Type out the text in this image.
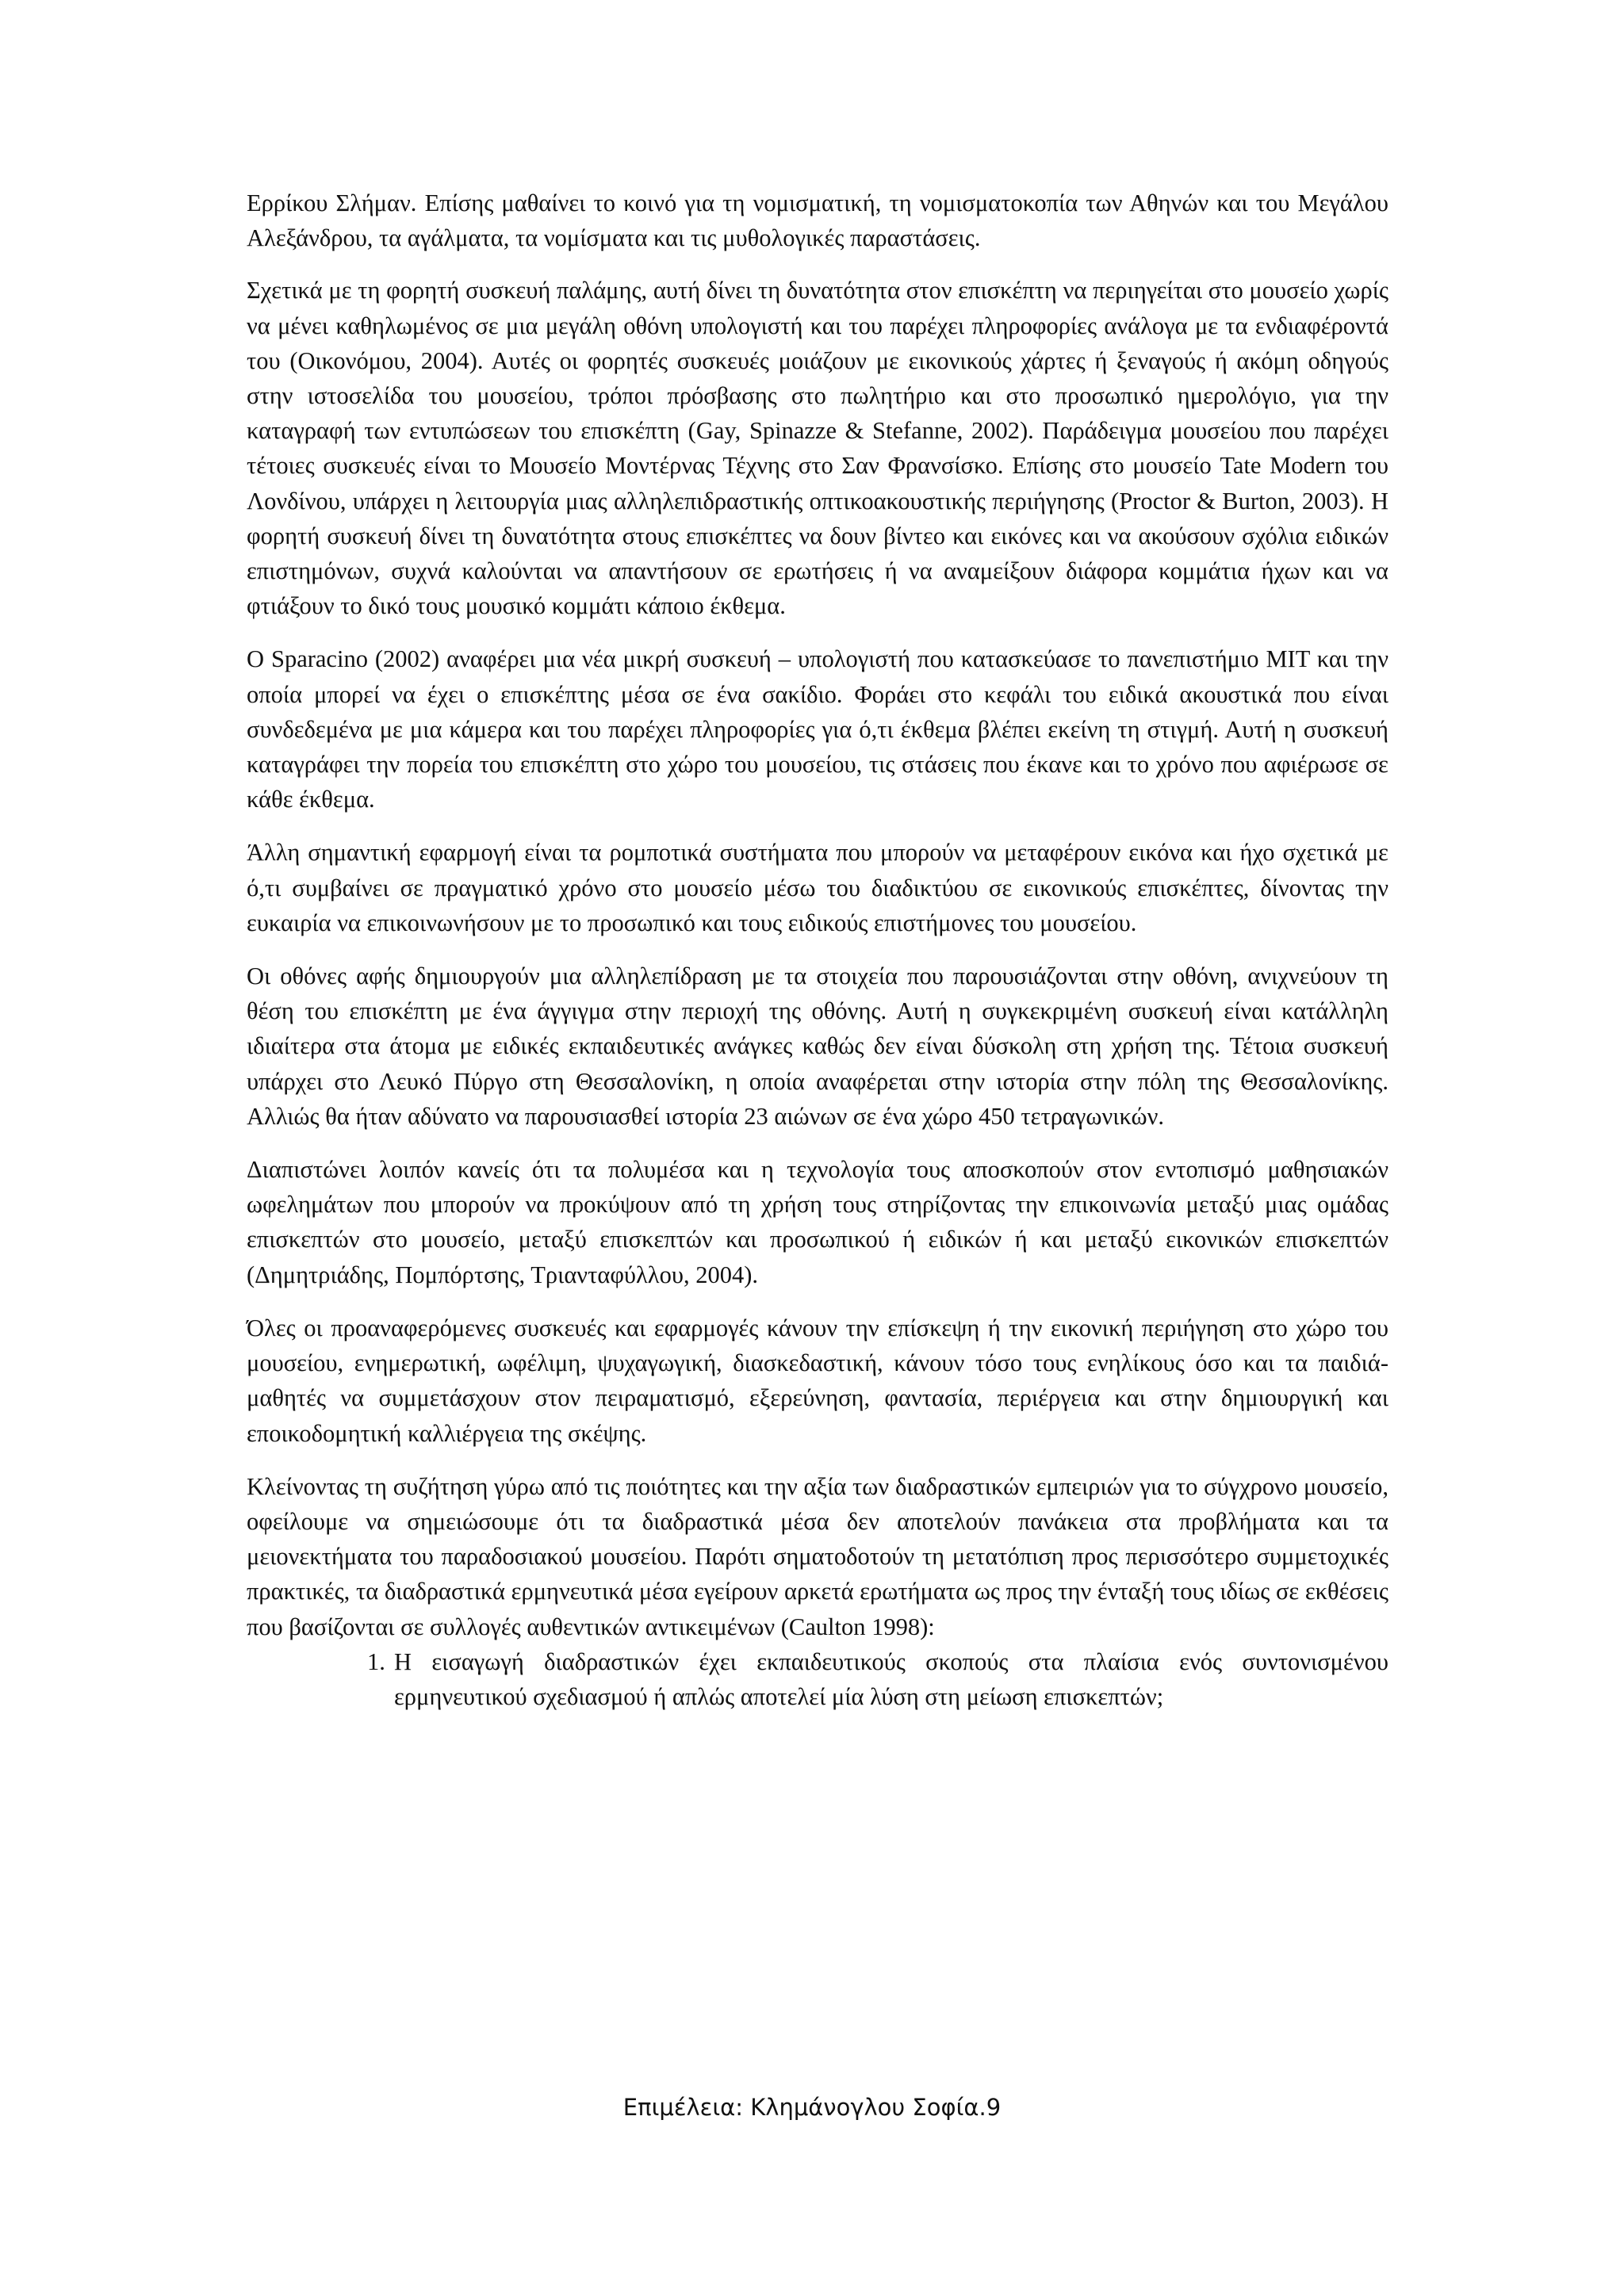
Ερρίκου Σλήμαν. Επίσης μαθαίνει το κοινό για τη νομισματική, τη νομισματοκοπία των Αθηνών και του Μεγάλου Αλεξάνδρου, τα αγάλματα, τα νομίσματα και τις μυθολογικές παραστάσεις.

Σχετικά με τη φορητή συσκευή παλάμης, αυτή δίνει τη δυνατότητα στον επισκέπτη να περιηγείται στο μουσείο χωρίς να μένει καθηλωμένος σε μια μεγάλη οθόνη υπολογιστή και του παρέχει πληροφορίες ανάλογα με τα ενδιαφέροντά του (Οικονόμου, 2004). Αυτές οι φορητές συσκευές μοιάζουν με εικονικούς χάρτες ή ξεναγούς ή ακόμη οδηγούς στην ιστοσελίδα του μουσείου, τρόποι πρόσβασης στο πωλητήριο και στο προσωπικό ημερολόγιο, για την καταγραφή των εντυπώσεων του επισκέπτη (Gay, Spinazze & Stefanne, 2002). Παράδειγμα μουσείου που παρέχει τέτοιες συσκευές είναι το Μουσείο Μοντέρνας Τέχνης στο Σαν Φρανσίσκο. Επίσης στο μουσείο Tate Modern του Λονδίνου, υπάρχει η λειτουργία μιας αλληλεπιδραστικής οπτικοακουστικής περιήγησης (Proctor & Burton, 2003). Η φορητή συσκευή δίνει τη δυνατότητα στους επισκέπτες να δουν βίντεο και εικόνες και να ακούσουν σχόλια ειδικών επιστημόνων, συχνά καλούνται να απαντήσουν σε ερωτήσεις ή να αναμείξουν διάφορα κομμάτια ήχων και να φτιάξουν το δικό τους μουσικό κομμάτι κάποιο έκθεμα.

Ο Sparacino (2002) αναφέρει μια νέα μικρή συσκευή – υπολογιστή που κατασκεύασε το πανεπιστήμιο ΜΙΤ και την οποία μπορεί να έχει ο επισκέπτης μέσα σε ένα σακίδιο. Φοράει στο κεφάλι του ειδικά ακουστικά που είναι συνδεδεμένα με μια κάμερα και του παρέχει πληροφορίες για ό,τι έκθεμα βλέπει εκείνη τη στιγμή. Αυτή η συσκευή καταγράφει την πορεία του επισκέπτη στο χώρο του μουσείου, τις στάσεις που έκανε και το χρόνο που αφιέρωσε σε κάθε έκθεμα.

Άλλη σημαντική εφαρμογή είναι τα ρομποτικά συστήματα που μπορούν να μεταφέρουν εικόνα και ήχο σχετικά με ό,τι συμβαίνει σε πραγματικό χρόνο στο μουσείο μέσω του διαδικτύου σε εικονικούς επισκέπτες, δίνοντας την ευκαιρία να επικοινωνήσουν με το προσωπικό και τους ειδικούς επιστήμονες του μουσείου.

Οι οθόνες αφής δημιουργούν μια αλληλεπίδραση με τα στοιχεία που παρουσιάζονται στην οθόνη, ανιχνεύουν τη θέση του επισκέπτη με ένα άγγιγμα στην περιοχή της οθόνης. Αυτή η συγκεκριμένη συσκευή είναι κατάλληλη ιδιαίτερα στα άτομα με ειδικές εκπαιδευτικές ανάγκες καθώς δεν είναι δύσκολη στη χρήση της. Τέτοια συσκευή υπάρχει στο Λευκό Πύργο στη Θεσσαλονίκη, η οποία αναφέρεται στην ιστορία στην πόλη της Θεσσαλονίκης. Αλλιώς θα ήταν αδύνατο να παρουσιασθεί ιστορία 23 αιώνων σε ένα χώρο 450 τετραγωνικών.

Διαπιστώνει λοιπόν κανείς ότι τα πολυμέσα και η τεχνολογία τους αποσκοπούν στον εντοπισμό μαθησιακών ωφελημάτων που μπορούν να προκύψουν από τη χρήση τους στηρίζοντας την επικοινωνία μεταξύ μιας ομάδας επισκεπτών στο μουσείο, μεταξύ επισκεπτών και προσωπικού ή ειδικών ή και μεταξύ εικονικών επισκεπτών (Δημητριάδης, Πομπόρτσης, Τριανταφύλλου, 2004).

Όλες οι προαναφερόμενες συσκευές και εφαρμογές κάνουν την επίσκεψη ή την εικονική περιήγηση στο χώρο του μουσείου, ενημερωτική, ωφέλιμη, ψυχαγωγική, διασκεδαστική, κάνουν τόσο τους ενηλίκους όσο και τα παιδιά-μαθητές να συμμετάσχουν στον πειραματισμό, εξερεύνηση, φαντασία, περιέργεια και στην δημιουργική και εποικοδομητική καλλιέργεια της σκέψης.

Κλείνοντας τη συζήτηση γύρω από τις ποιότητες και την αξία των διαδραστικών εμπειριών για το σύγχρονο μουσείο, οφείλουμε να σημειώσουμε ότι τα διαδραστικά μέσα δεν αποτελούν πανάκεια στα προβλήματα και τα μειονεκτήματα του παραδοσιακού μουσείου. Παρότι σηματοδοτούν τη μετατόπιση προς περισσότερο συμμετοχικές πρακτικές, τα διαδραστικά ερμηνευτικά μέσα εγείρουν αρκετά ερωτήματα ως προς την ένταξή τους ιδίως σε εκθέσεις που βασίζονται σε συλλογές αυθεντικών αντικειμένων (Caulton 1998):

1. Η εισαγωγή διαδραστικών έχει εκπαιδευτικούς σκοπούς στα πλαίσια ενός συντονισμένου ερμηνευτικού σχεδιασμού ή απλώς αποτελεί μία λύση στη μείωση επισκεπτών;
Επιμέλεια: Κλημάνογλου Σοφία.9
